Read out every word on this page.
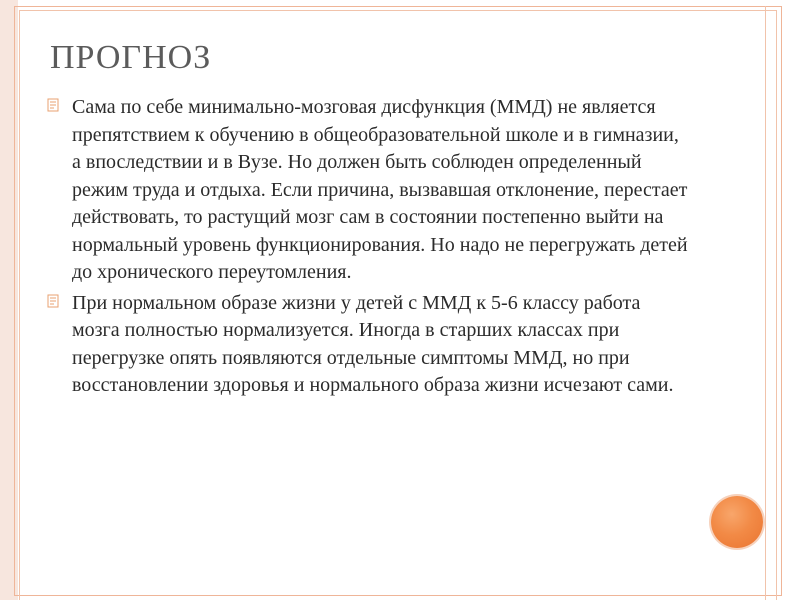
ПРОГНОЗ
Сама по себе минимально-мозговая дисфункция (ММД) не является препятствием к обучению в общеобразовательной школе и в гимназии, а впоследствии и в Вузе. Но должен быть соблюден определенный режим труда и отдыха. Если причина, вызвавшая отклонение, перестает действовать, то растущий мозг сам в состоянии постепенно выйти на нормальный уровень функционирования. Но надо не перегружать детей до хронического переутомления.
При нормальном образе жизни у детей с ММД к 5-6 классу работа мозга полностью нормализуется. Иногда в старших классах при перегрузке опять появляются отдельные симптомы ММД, но при восстановлении здоровья и нормального образа жизни исчезают сами.
